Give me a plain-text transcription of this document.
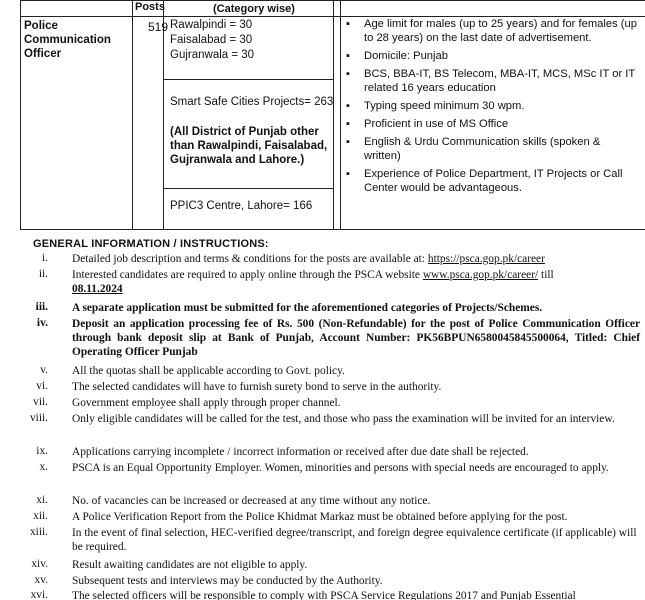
Posts	(Category wise)
Police Communication Officer
519 Rawalpindi = 30
Faisalabad = 30
Gujranwala = 30
Smart Safe Cities Projects= 263
(All District of Punjab other than Rawalpindi, Faisalabad, Gujranwala and Lahore.)
PPIC3 Centre, Lahore= 166
▪ Age limit for males (up to 25 years) and for females (up to 28 years) on the last date of advertisement.
▪ Domicile: Punjab
▪ BCS, BBA-IT, BS Telecom, MBA-IT, MCS, MSc IT or IT related 16 years education
▪ Typing speed minimum 30 wpm.
▪ Proficient in use of MS Office
▪ English & Urdu Communication skills (spoken & written)
▪ Experience of Police Department, IT Projects or Call Center would be advantageous.
GENERAL INFORMATION / INSTRUCTIONS:
i. Detailed job description and terms & conditions for the posts are available at: https://psca.gop.pk/career
ii. Interested candidates are required to apply online through the PSCA website www.psca.gop.pk/career/ till
08.11.2024
iii. A separate application must be submitted for the aforementioned categories of Projects/Schemes.
iv. Deposit an application processing fee of Rs. 500 (Non-Refundable) for the post of Police Communication Officer through bank deposit slip at Bank of Punjab, Account Number: PK56BPUN6580045845500064, Titled: Chief Operating Officer Punjab
v. All the quotas shall be applicable according to Govt. policy.
vi. The selected candidates will have to furnish surety bond to serve in the authority.
vii. Government employee shall apply through proper channel.
viii. Only eligible candidates will be called for the test, and those who pass the examination will be invited for an interview.
ix. Applications carrying incomplete / incorrect information or received after due date shall be rejected.
x. PSCA is an Equal Opportunity Employer. Women, minorities and persons with special needs are encouraged to apply.
xi. No. of vacancies can be increased or decreased at any time without any notice.
xii. A Police Verification Report from the Police Khidmat Markaz must be obtained before applying for the post.
xiii. In the event of final selection, HEC-verified degree/transcript, and foreign degree equivalence certificate (if applicable) will be required.
xiv. Result awaiting candidates are not eligible to apply.
xv. Subsequent tests and interviews may be conducted by the Authority.
xvi. The selected officers will be responsible to comply with PSCA Service Regulations 2017 and Punjab Essential
